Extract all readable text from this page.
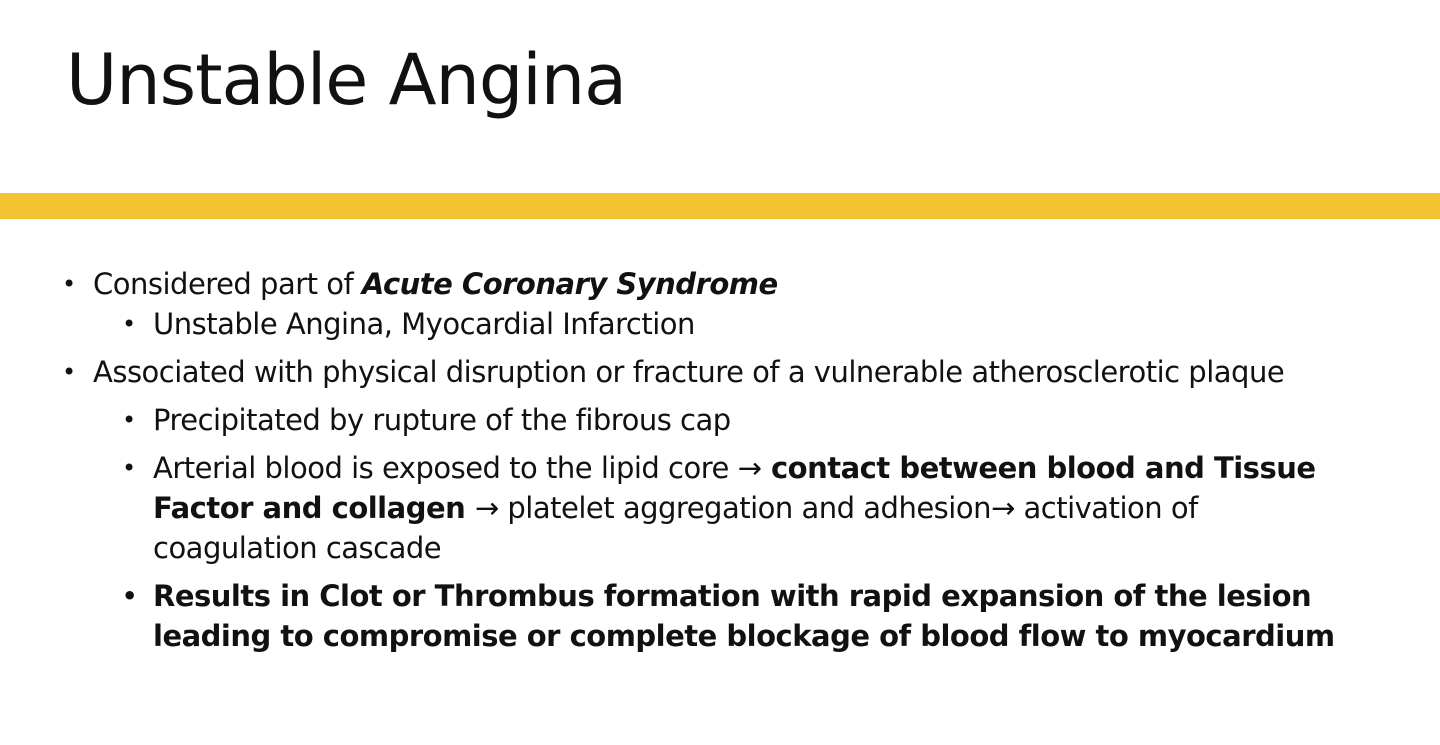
Unstable Angina
• Considered part of Acute Coronary Syndrome
• Unstable Angina, Myocardial Infarction
• Associated with physical disruption or fracture of a vulnerable atherosclerotic plaque
• Precipitated by rupture of the fibrous cap
• Arterial blood is exposed to the lipid core → contact between blood and Tissue Factor and collagen → platelet aggregation and adhesion→ activation of coagulation cascade
• Results in Clot or Thrombus formation with rapid expansion of the lesion leading to compromise or complete blockage of blood flow to myocardium
